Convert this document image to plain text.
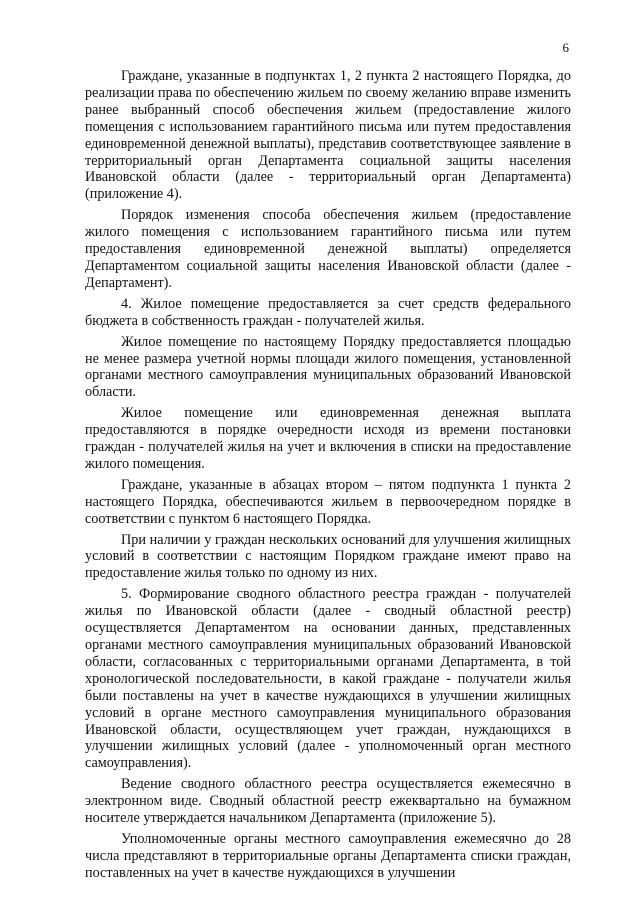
6

Граждане, указанные в подпунктах 1, 2 пункта 2 настоящего Порядка, до реализации права по обеспечению жильем по своему желанию вправе изменить ранее выбранный способ обеспечения жильем (предоставление жилого помещения с использованием гарантийного письма или путем предоставления единовременной денежной выплаты), представив соответствующее заявление в территориальный орган Департамента социальной защиты населения Ивановской области (далее - территориальный орган Департамента) (приложение 4).

Порядок изменения способа обеспечения жильем (предоставление жилого помещения с использованием гарантийного письма или путем предоставления единовременной денежной выплаты) определяется Департаментом социальной защиты населения Ивановской области (далее - Департамент).

4. Жилое помещение предоставляется за счет средств федерального бюджета в собственность граждан - получателей жилья.

Жилое помещение по настоящему Порядку предоставляется площадью не менее размера учетной нормы площади жилого помещения, установленной органами местного самоуправления муниципальных образований Ивановской области.

Жилое помещение или единовременная денежная выплата предоставляются в порядке очередности исходя из времени постановки граждан - получателей жилья на учет и включения в списки на предоставление жилого помещения.

Граждане, указанные в абзацах втором – пятом подпункта 1 пункта 2 настоящего Порядка, обеспечиваются жильем в первоочередном порядке в соответствии с пунктом 6 настоящего Порядка.

При наличии у граждан нескольких оснований для улучшения жилищных условий в соответствии с настоящим Порядком граждане имеют право на предоставление жилья только по одному из них.

5. Формирование сводного областного реестра граждан - получателей жилья по Ивановской области (далее - сводный областной реестр) осуществляется Департаментом на основании данных, представленных органами местного самоуправления муниципальных образований Ивановской области, согласованных с территориальными органами Департамента, в той хронологической последовательности, в какой граждане - получатели жилья были поставлены на учет в качестве нуждающихся в улучшении жилищных условий в органе местного самоуправления муниципального образования Ивановской области, осуществляющем учет граждан, нуждающихся в улучшении жилищных условий (далее - уполномоченный орган местного самоуправления).

Ведение сводного областного реестра осуществляется ежемесячно в электронном виде. Сводный областной реестр ежеквартально на бумажном носителе утверждается начальником Департамента (приложение 5).

Уполномоченные органы местного самоуправления ежемесячно до 28 числа представляют в территориальные органы Департамента списки граждан, поставленных на учет в качестве нуждающихся в улучшении
